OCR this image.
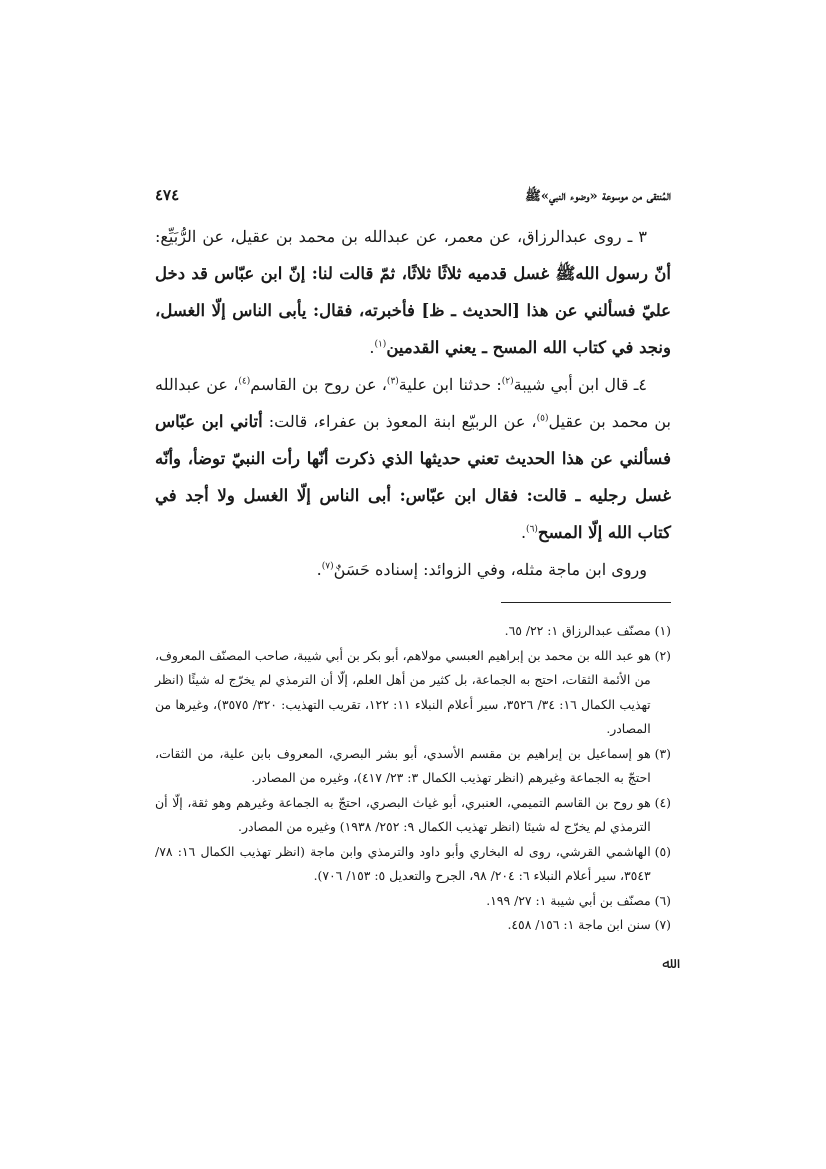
المُنتقى من موسوعة «وضوء النبي»ﷺ
٤٧٤

٣ ـ روى عبدالرزاق، عن معمر، عن عبدالله بن محمد بن عقيل، عن الرُّبَيِّع: أنّ رسول اللهﷺ غسل قدميه ثلاثًا ثلاثًا، ثمّ قالت لنا: إنّ ابن عبّاس قد دخل عليّ فسألني عن هذا [الحديث ـ ظ] فأخبرته، فقال: يأبى الناس إلّا الغسل، ونجد في كتاب الله المسح ـ يعني القدمين$^{(١)}$.

٤ـ قال ابن أبي شيبة$^{(٢)}$: حدثنا ابن علية$^{(٣)}$، عن روح بن القاسم$^{(٤)}$، عن عبدالله بن محمد بن عقيل$^{(٥)}$، عن الربيّع ابنة المعوذ بن عفراء، قالت: أتاني ابن عبّاس فسألني عن هذا الحديث تعني حديثها الذي ذكرت أنّها رأت النبيّ توضأ، وأنّه غسل رجليه ـ قالت: فقال ابن عبّاس: أبى الناس إلّا الغسل ولا أجد في كتاب الله إلّا المسح$^{(٦)}$.

وروى ابن ماجة مثله، وفي الزوائد: إسناده حَسَنٌ$^{(٧)}$.

(١)
مصنّف عبدالرزاق ١: ٢٢/ ٦٥.
(٢)
هو عبد الله بن محمد بن إبراهيم العبسي مولاهم، أبو بكر بن أبي شيبة، صاحب المصنّف المعروف، من الأئمة الثقات، احتج به الجماعة، بل كثير من أهل العلم، إلّا أن الترمذي لم يخرّج له شيئًا (انظر تهذيب الكمال ١٦: ٣٤/ ٣٥٢٦، سير أعلام النبلاء ١١: ١٢٢، تقريب التهذيب: ٣٢٠/ ٣٥٧٥)، وغيرها من المصادر.
(٣)
هو إسماعيل بن إبراهيم بن مقسم الأسدي، أبو بشر البصري، المعروف بابن علية، من الثقات، احتجّ به الجماعة وغيرهم (انظر تهذيب الكمال ٣: ٢٣/ ٤١٧)، وغيره من المصادر.
(٤)
هو روح بن القاسم التميمي، العنبري، أبو غياث البصري، احتجّ به الجماعة وغيرهم وهو ثقة، إلّا أن الترمذي لم يخرّج له شيئا (انظر تهذيب الكمال ٩: ٢٥٢/ ١٩٣٨) وغيره من المصادر.
(٥)
الهاشمي القرشي، روى له البخاري وأبو داود والترمذي وابن ماجة (انظر تهذيب الكمال ١٦: ٧٨/ ٣٥٤٣، سير أعلام النبلاء ٦: ٢٠٤/ ٩٨، الجرح والتعديل ٥: ١٥٣/ ٧٠٦).
(٦)
مصنّف بن أبي شيبة ١: ٢٧/ ١٩٩.
(٧)
سنن ابن ماجة ١: ١٥٦/ ٤٥٨.
ﷲ
